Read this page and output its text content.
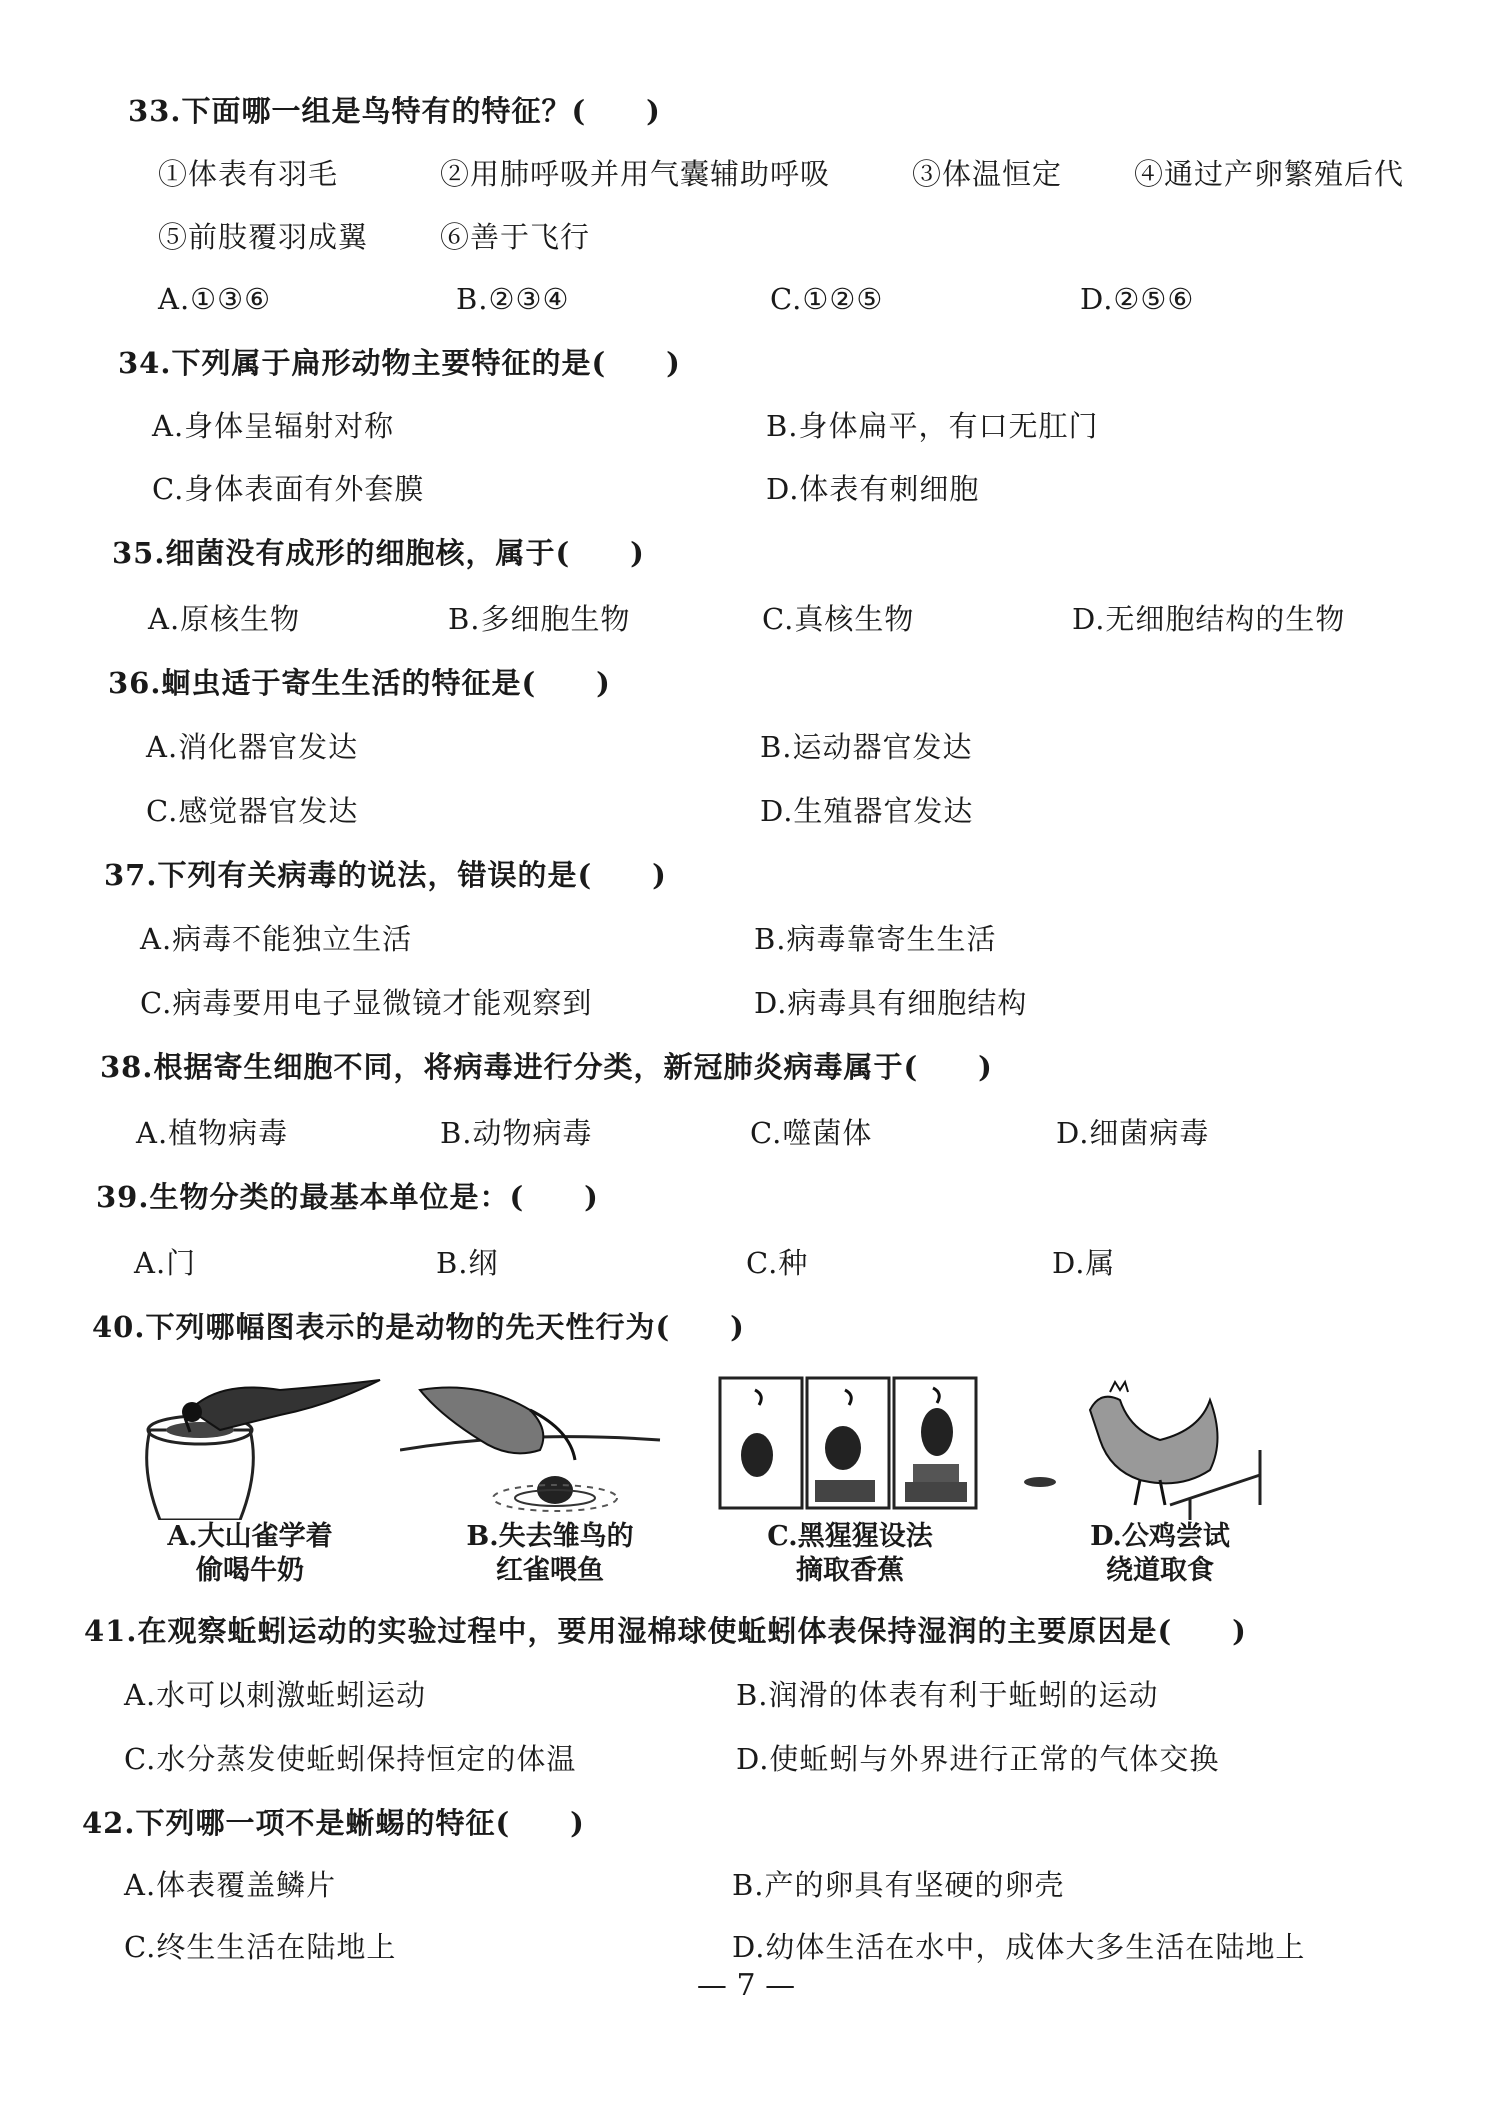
33.下面哪一组是鸟特有的特征？(　　)
①体表有羽毛	②用肺呼吸并用气囊辅助呼吸	③体温恒定 ④通过产卵繁殖后代
⑤前肢覆羽成翼 ⑥善于飞行
A.①③⑥	B.②③④	C.①②⑤	D.②⑤⑥
34.下列属于扁形动物主要特征的是(　　)
A.身体呈辐射对称	B.身体扁平，有口无肛门
C.身体表面有外套膜	D.体表有刺细胞
35.细菌没有成形的细胞核，属于(　　)
A.原核生物	B.多细胞生物	C.真核生物	D.无细胞结构的生物
36.蛔虫适于寄生生活的特征是(　　)
A.消化器官发达	B.运动器官发达
C.感觉器官发达	D.生殖器官发达
37.下列有关病毒的说法，错误的是(　　)
A.病毒不能独立生活	B.病毒靠寄生生活
C.病毒要用电子显微镜才能观察到	D.病毒具有细胞结构
38.根据寄生细胞不同，将病毒进行分类，新冠肺炎病毒属于(　　)
A.植物病毒	B.动物病毒	C.噬菌体	D.细菌病毒
39.生物分类的最基本单位是：(　　)
A.门	B.纲	C.种	D.属
40.下列哪幅图表示的是动物的先天性行为(　　)
A.大山雀学着
偷喝牛奶
B.失去雏鸟的
红雀喂鱼
C.黑猩猩设法
摘取香蕉
D.公鸡尝试
绕道取食
41.在观察蚯蚓运动的实验过程中，要用湿棉球使蚯蚓体表保持湿润的主要原因是(　　)
A.水可以刺激蚯蚓运动	B.润滑的体表有利于蚯蚓的运动
C.水分蒸发使蚯蚓保持恒定的体温	D.使蚯蚓与外界进行正常的气体交换
42.下列哪一项不是蜥蜴的特征(　　)
A.体表覆盖鳞片	B.产的卵具有坚硬的卵壳
C.终生生活在陆地上	D.幼体生活在水中，成体大多生活在陆地上
— 7 —
